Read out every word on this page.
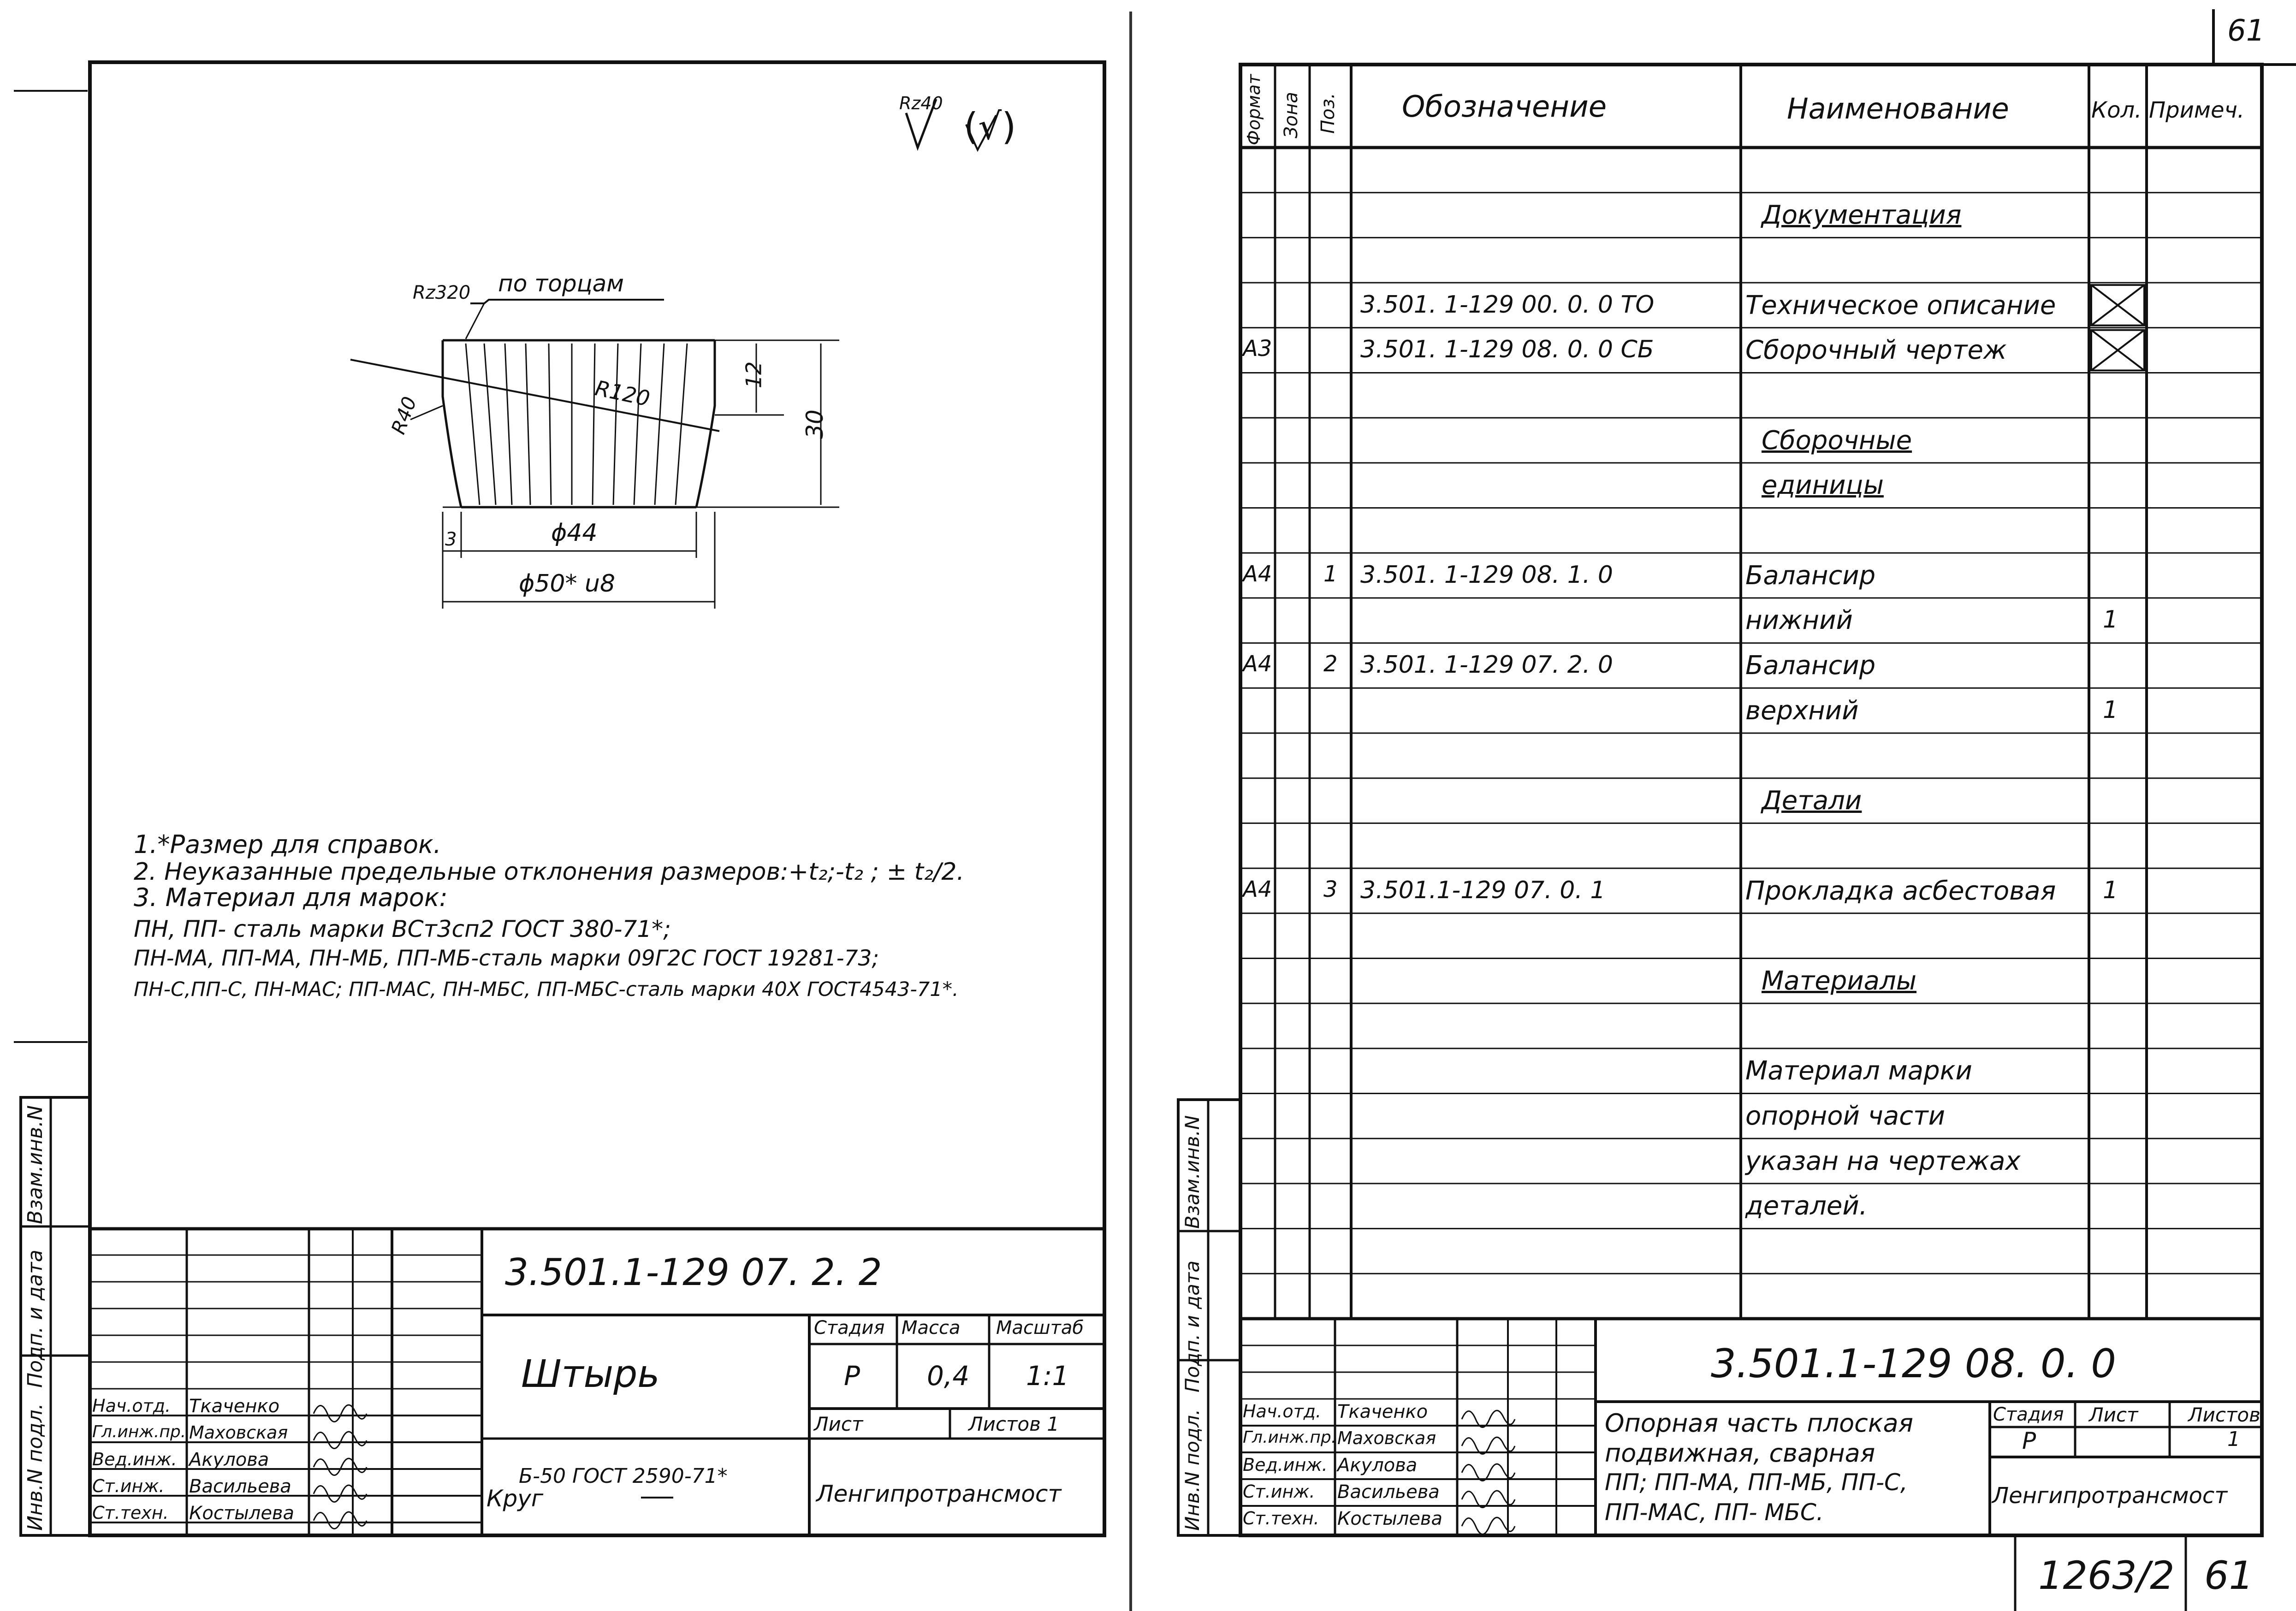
Rz40
(√)
Rz320 по торцам
R40
R120
12
30
ϕ44
3
ϕ50* u8
1.*Размер для справок.
2. Неуказанные предельные отклонения размеров:+t₂;-t₂ ; ± t₂/2.
3. Материал для марок:
ПН, ПП- сталь марки ВСт3сп2 ГОСТ 380-71*;
ПН-МА, ПП-МА, ПН-МБ, ПП-МБ-сталь марки 09Г2С ГОСТ 19281-73;
ПН-С,ПП-С, ПН-МАС; ПП-МАС, ПН-МБС, ПП-МБС-сталь марки 40Х ГОСТ4543-71*.
Инв.N подл.
Подп. и дата
Взам.инв.N
3.501.1-129 07. 2. 2
Штырь
Стадия Масса Масштаб
Р	0,4 1:1
Лист	Листов 1
Круг
Б-50 ГОСТ 2590-71*
Ленгипротрансмост
Нач.отд. Ткаченко
Гл.инж.пр. Маховская
Вед.инж. Акулова
Ст.инж. Васильева
Ст.техн. Костылева
61
Формат Зона Поз. Обозначение	Наименование	Кол. Примеч.
Документация
3.501. 1-129 00. 0. 0 ТО	Техническое описание
А3	3.501. 1-129 08. 0. 0 СБ	Сборочный чертеж
Сборочные
единицы
А4 1 3.501. 1-129 08. 1. 0	Балансир
нижний	1
А4 2 3.501. 1-129 07. 2. 0	Балансир
верхний	1
Детали
А4 3 3.501.1-129 07. 0. 1	Прокладка асбестовая 1
Материалы
Материал марки
опорной части
указан на чертежах
деталей.
Инв.N подл.
Подп. и дата
Взам.инв.N
3.501.1-129 08. 0. 0
Опорная часть плоская
подвижная, сварная
ПП; ПП-МА, ПП-МБ, ПП-С,
ПП-МАС, ПП- МБС.
Стадия Лист	Листов
Р	1
Ленгипротрансмост
Нач.отд. Ткаченко
Гл.инж.пр. Маховская
Вед.инж. Акулова
Ст.инж. Васильева
Ст.техн. Костылева
1263/2 61
